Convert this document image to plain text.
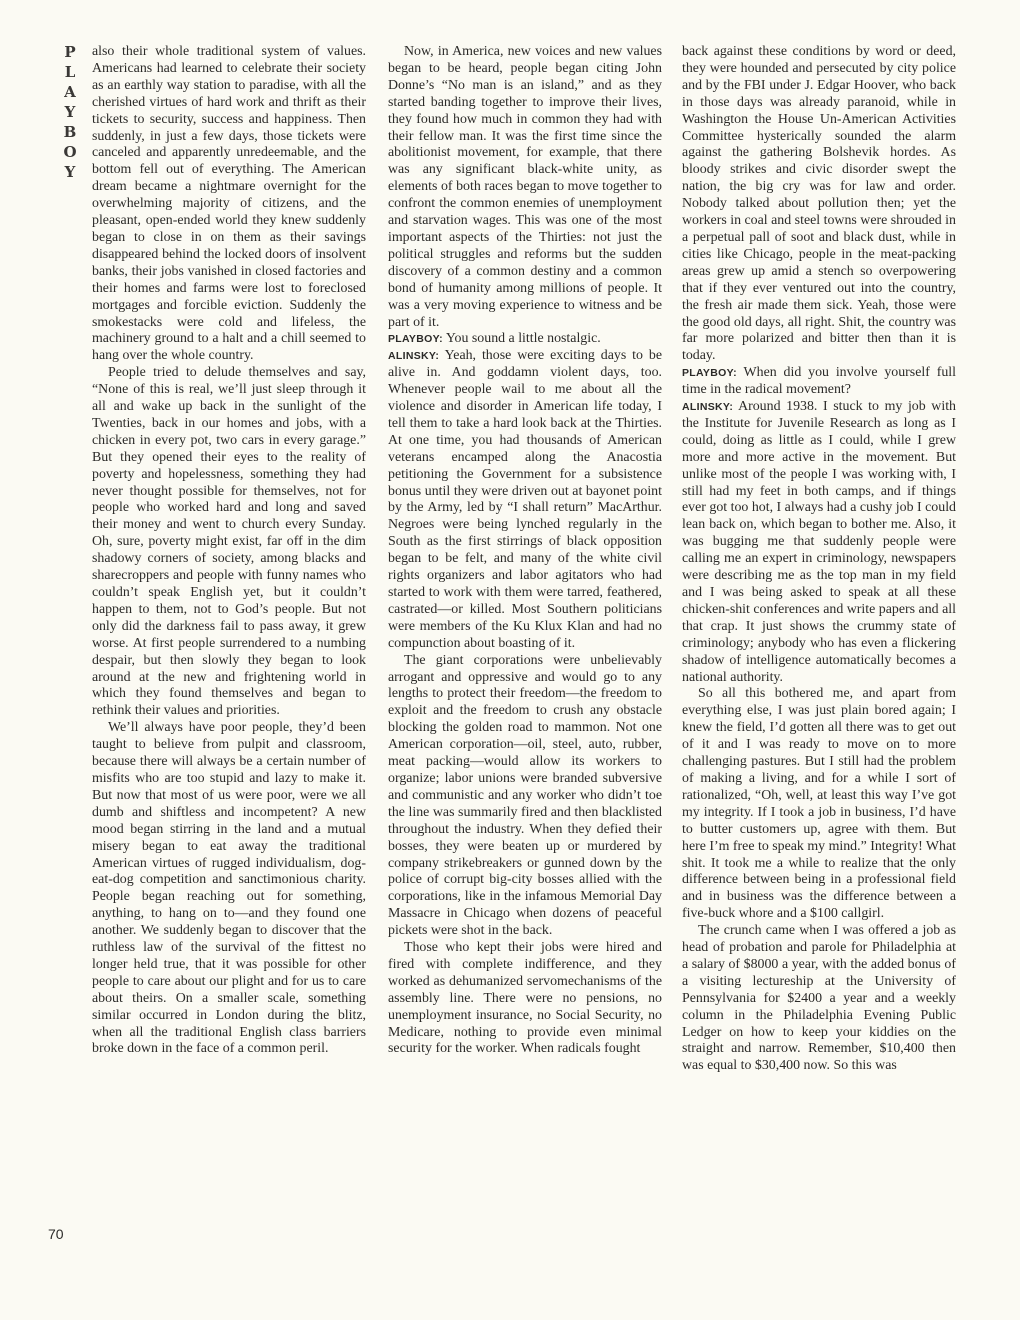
P
L
A
Y
B
O
Y

also their whole traditional system of values. Americans had learned to celebrate their society as an earthly way station to paradise, with all the cherished virtues of hard work and thrift as their tickets to security, success and happiness. Then suddenly, in just a few days, those tickets were canceled and apparently unredeemable, and the bottom fell out of everything. The American dream became a nightmare overnight for the overwhelming majority of citizens, and the pleasant, open-ended world they knew suddenly began to close in on them as their savings disappeared behind the locked doors of insolvent banks, their jobs vanished in closed factories and their homes and farms were lost to foreclosed mortgages and forcible eviction. Suddenly the smokestacks were cold and lifeless, the machinery ground to a halt and a chill seemed to hang over the whole country.

People tried to delude themselves and say, “None of this is real, we’ll just sleep through it all and wake up back in the sunlight of the Twenties, back in our homes and jobs, with a chicken in every pot, two cars in every garage.” But they opened their eyes to the reality of poverty and hopelessness, something they had never thought possible for themselves, not for people who worked hard and long and saved their money and went to church every Sunday. Oh, sure, poverty might exist, far off in the dim shadowy corners of society, among blacks and sharecroppers and people with funny names who couldn’t speak English yet, but it couldn’t happen to them, not to God’s people. But not only did the darkness fail to pass away, it grew worse. At first people surrendered to a numbing despair, but then slowly they began to look around at the new and frightening world in which they found themselves and began to rethink their values and priorities.

We’ll always have poor people, they’d been taught to believe from pulpit and classroom, because there will always be a certain number of misfits who are too stupid and lazy to make it. But now that most of us were poor, were we all dumb and shiftless and incompetent? A new mood began stirring in the land and a mutual misery began to eat away the traditional American virtues of rugged individualism, dog-eat-dog competition and sanctimonious charity. People began reaching out for something, anything, to hang on to—and they found one another. We suddenly began to discover that the ruthless law of the survival of the fittest no longer held true, that it was possible for other people to care about our plight and for us to care about theirs. On a smaller scale, something similar occurred in London during the blitz, when all the traditional English class barriers broke down in the face of a common peril.

Now, in America, new voices and new values began to be heard, people began citing John Donne’s “No man is an island,” and as they started banding together to improve their lives, they found how much in common they had with their fellow man. It was the first time since the abolitionist movement, for example, that there was any significant black-white unity, as elements of both races began to move together to confront the common enemies of unemployment and starvation wages. This was one of the most important aspects of the Thirties: not just the political struggles and reforms but the sudden discovery of a common destiny and a common bond of humanity among millions of people. It was a very moving experience to witness and be part of it.

PLAYBOY: You sound a little nostalgic.

ALINSKY: Yeah, those were exciting days to be alive in. And goddamn violent days, too. Whenever people wail to me about all the violence and disorder in American life today, I tell them to take a hard look back at the Thirties. At one time, you had thousands of American veterans encamped along the Anacostia petitioning the Government for a subsistence bonus until they were driven out at bayonet point by the Army, led by “I shall return” MacArthur. Negroes were being lynched regularly in the South as the first stirrings of black opposition began to be felt, and many of the white civil rights organizers and labor agitators who had started to work with them were tarred, feathered, castrated—or killed. Most Southern politicians were members of the Ku Klux Klan and had no compunction about boasting of it.

The giant corporations were unbelievably arrogant and oppressive and would go to any lengths to protect their freedom—the freedom to exploit and the freedom to crush any obstacle blocking the golden road to mammon. Not one American corporation—oil, steel, auto, rubber, meat packing—would allow its workers to organize; labor unions were branded subversive and communistic and any worker who didn’t toe the line was summarily fired and then blacklisted throughout the industry. When they defied their bosses, they were beaten up or murdered by company strikebreakers or gunned down by the police of corrupt big-city bosses allied with the corporations, like in the infamous Memorial Day Massacre in Chicago when dozens of peaceful pickets were shot in the back.

Those who kept their jobs were hired and fired with complete indifference, and they worked as dehumanized servomechanisms of the assembly line. There were no pensions, no unemployment insurance, no Social Security, no Medicare, nothing to provide even minimal security for the worker. When radicals fought

back against these conditions by word or deed, they were hounded and persecuted by city police and by the FBI under J. Edgar Hoover, who back in those days was already paranoid, while in Washington the House Un-American Activities Committee hysterically sounded the alarm against the gathering Bolshevik hordes. As bloody strikes and civic disorder swept the nation, the big cry was for law and order. Nobody talked about pollution then; yet the workers in coal and steel towns were shrouded in a perpetual pall of soot and black dust, while in cities like Chicago, people in the meat-packing areas grew up amid a stench so overpowering that if they ever ventured out into the country, the fresh air made them sick. Yeah, those were the good old days, all right. Shit, the country was far more polarized and bitter then than it is today.

PLAYBOY: When did you involve yourself full time in the radical movement?

ALINSKY: Around 1938. I stuck to my job with the Institute for Juvenile Research as long as I could, doing as little as I could, while I grew more and more active in the movement. But unlike most of the people I was working with, I still had my feet in both camps, and if things ever got too hot, I always had a cushy job I could lean back on, which began to bother me. Also, it was bugging me that suddenly people were calling me an expert in criminology, newspapers were describing me as the top man in my field and I was being asked to speak at all these chicken-shit conferences and write papers and all that crap. It just shows the crummy state of criminology; anybody who has even a flickering shadow of intelligence automatically becomes a national authority.

So all this bothered me, and apart from everything else, I was just plain bored again; I knew the field, I’d gotten all there was to get out of it and I was ready to move on to more challenging pastures. But I still had the problem of making a living, and for a while I sort of rationalized, “Oh, well, at least this way I’ve got my integrity. If I took a job in business, I’d have to butter customers up, agree with them. But here I’m free to speak my mind.” Integrity! What shit. It took me a while to realize that the only difference between being in a professional field and in business was the difference between a five-buck whore and a $100 callgirl.

The crunch came when I was offered a job as head of probation and parole for Philadelphia at a salary of $8000 a year, with the added bonus of a visiting lectureship at the University of Pennsylvania for $2400 a year and a weekly column in the Philadelphia Evening Public Ledger on how to keep your kiddies on the straight and narrow. Remember, $10,400 then was equal to $30,400 now. So this was

70
